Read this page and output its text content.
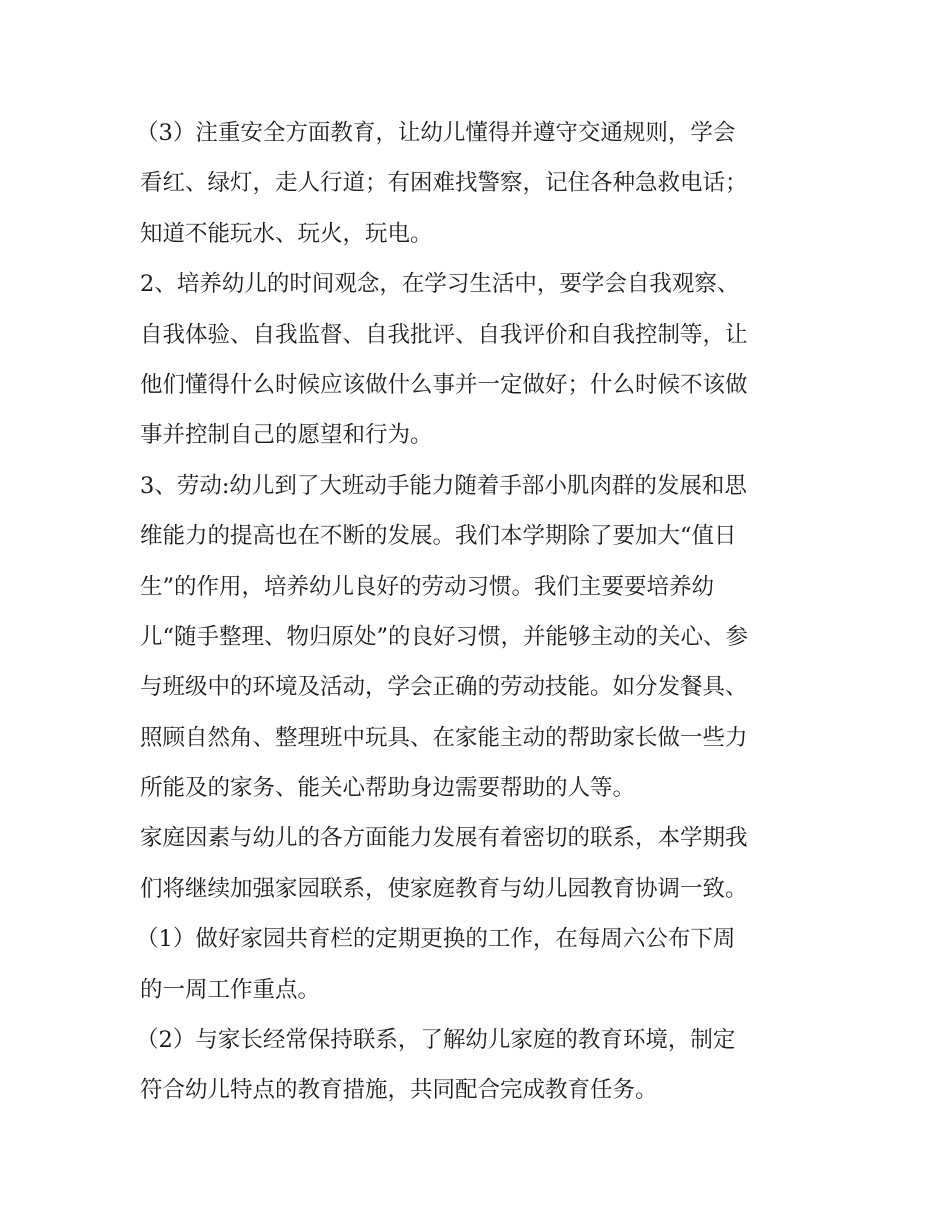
（3）注重安全方面教育，让幼儿懂得并遵守交通规则，学会
看红、绿灯，走人行道；有困难找警察，记住各种急救电话；
知道不能玩水、玩火，玩电。
2、培养幼儿的时间观念，在学习生活中，要学会自我观察、
自我体验、自我监督、自我批评、自我评价和自我控制等，让
他们懂得什么时候应该做什么事并一定做好；什么时候不该做
事并控制自己的愿望和行为。
3、劳动:幼儿到了大班动手能力随着手部小肌肉群的发展和思
维能力的提高也在不断的发展。我们本学期除了要加大“值日
生”的作用，培养幼儿良好的劳动习惯。我们主要要培养幼
儿“随手整理、物归原处”的良好习惯，并能够主动的关心、参
与班级中的环境及活动，学会正确的劳动技能。如分发餐具、
照顾自然角、整理班中玩具、在家能主动的帮助家长做一些力
所能及的家务、能关心帮助身边需要帮助的人等。
家庭因素与幼儿的各方面能力发展有着密切的联系，本学期我
们将继续加强家园联系，使家庭教育与幼儿园教育协调一致。
（1）做好家园共育栏的定期更换的工作，在每周六公布下周
的一周工作重点。
（2）与家长经常保持联系，了解幼儿家庭的教育环境，制定
符合幼儿特点的教育措施，共同配合完成教育任务。
